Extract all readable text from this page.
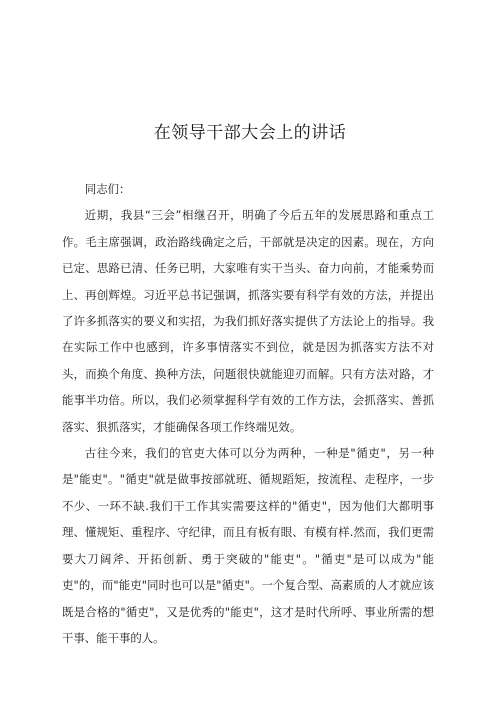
在领导干部大会上的讲话

同志们：

近期，我县“三会”相继召开，明确了今后五年的发展思路和重点工作。毛主席强调，政治路线确定之后，干部就是决定的因素。现在，方向已定、思路已清、任务已明，大家唯有实干当头、奋力向前，才能乘势而上、再创辉煌。习近平总书记强调，抓落实要有科学有效的方法，并提出了许多抓落实的要义和实招，为我们抓好落实提供了方法论上的指导。我在实际工作中也感到，许多事情落实不到位，就是因为抓落实方法不对头，而换个角度、换种方法，问题很快就能迎刃而解。只有方法对路，才能事半功倍。所以，我们必须掌握科学有效的工作方法，会抓落实、善抓落实、狠抓落实，才能确保各项工作终端见效。

古往今来，我们的官吏大体可以分为两种，一种是"循吏"，另一种是"能吏"。"循吏"就是做事按部就班、循规蹈矩，按流程、走程序，一步不少、一环不缺.我们干工作其实需要这样的"循吏"，因为他们大都明事理、懂规矩、重程序、守纪律，而且有板有眼、有模有样.然而，我们更需要大刀阔斧、开拓创新、勇于突破的"能吏"。"循吏"是可以成为"能吏"的，而"能吏"同时也可以是"循吏"。一个复合型、高素质的人才就应该既是合格的"循吏"，又是优秀的"能吏"，这才是时代所呼、事业所需的想干事、能干事的人。
